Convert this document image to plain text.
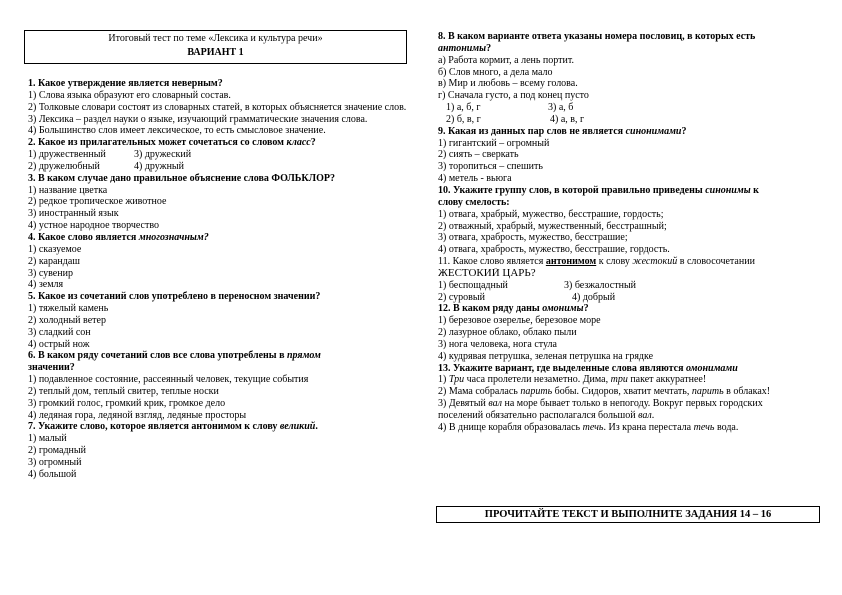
Итоговый тест по теме «Лексика и культура речи»
ВАРИАНТ 1
1. Какое утверждение является неверным?
1) Слова языка образуют его словарный состав.
2) Толковые словари состоят из словарных статей, в которых объясняется значение слов.
3) Лексика – раздел науки о языке, изучающий грамматические значения слова.
4) Большинство слов имеет лексическое, то есть смысловое значение.
2. Какое из прилагательных может сочетаться со словом класс?
1) дружественный	3) дружеский
2) дружелюбный	4) дружный
3. В каком случае дано правильное объяснение слова ФОЛЬКЛОР?
1) название цветка
2) редкое тропическое животное
3) иностранный язык
4) устное народное творчество
4. Какое слово является многозначным?
1) сказуемое
2) карандаш
3) сувенир
4) земля
5. Какое из сочетаний слов употреблено в переносном значении?
1) тяжелый камень
2) холодный ветер
3) сладкий сон
4) острый нож
6. В каком ряду сочетаний слов все слова употреблены в прямом
значении?
1) подавленное состояние, рассеянный человек, текущие события
2) теплый дом, теплый свитер, теплые носки
3) громкий голос, громкий крик, громкое дело
4) ледяная гора, ледяной взгляд, ледяные просторы
7. Укажите слово, которое является антонимом к слову великий.
1) малый
2) громадный
3) огромный
4) большой
8. В каком варианте ответа указаны номера пословиц, в которых есть
антонимы?
а) Работа кормит, а лень портит.
б) Слов много, а дела мало
в) Мир и любовь – всему голова.
г) Сначала густо, а под конец пусто
1) а, б, г	3) а, б
2) б, в, г	4) а, в, г
9. Какая из данных пар слов не является синонимами?
1) гигантский – огромный
2) сиять – сверкать
3) торопиться – спешить
4) метель - вьюга
10. Укажите группу слов, в которой правильно приведены синонимы к
слову смелость:
1) отвага, храбрый, мужество, бесстрашие, гордость;
2) отважный, храбрый, мужественный, бесстрашный;
3) отвага, храбрость, мужество, бесстрашие;
4) отвага, храбрость, мужество, бесстрашие, гордость.
11. Какое слово является антонимом к слову жестокий в словосочетании
ЖЕСТОКИЙ ЦАРЬ?
1) беспощадный	3) безжалостный
2) суровый	4) добрый
12. В каком ряду даны омонимы?
1) березовое озерелье, березовое море
2) лазурное облако, облако пыли
3) нога человека, нога стула
4) кудрявая петрушка, зеленая петрушка на грядке
13. Укажите вариант, где выделенные слова являются омонимами
1) Три часа пролетели незаметно. Дима, три пакет аккуратнее!
2) Мама собралась парить бобы. Сидоров, хватит мечтать, парить в облаках!
3) Девятый вал на море бывает только в непогоду. Вокруг первых городских
поселений обязательно располагался большой вал.
4) В днище корабля образовалась течь. Из крана перестала течь вода.
ПРОЧИТАЙТЕ ТЕКСТ И ВЫПОЛНИТЕ ЗАДАНИЯ 14 – 16
